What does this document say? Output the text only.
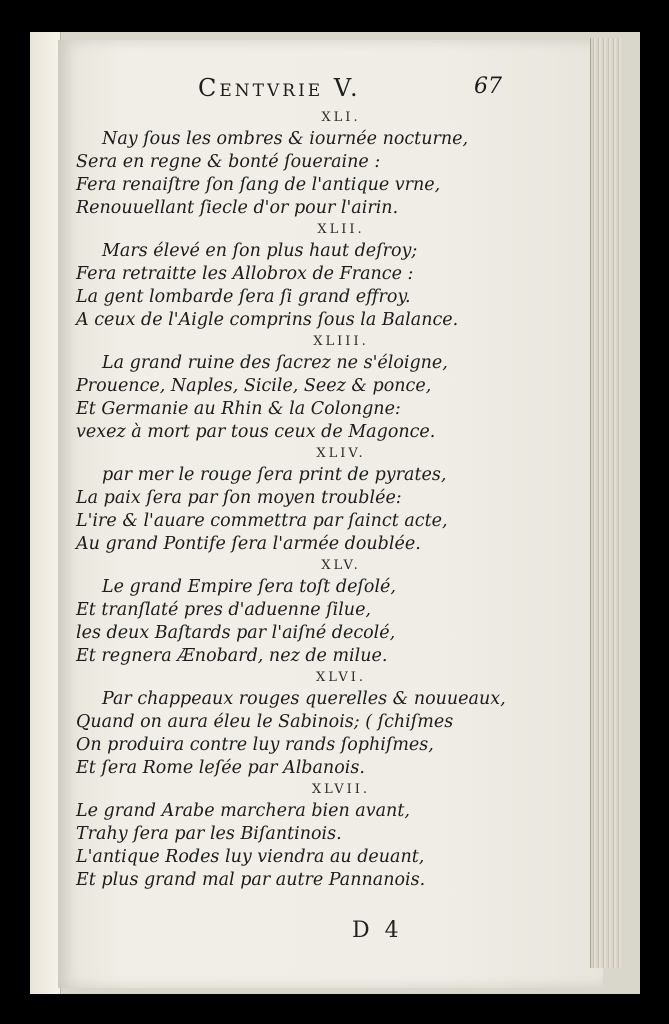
Centvrie V.	67
XLI.
Nay ſous les ombres & iournée nocturne,
Sera en regne & bonté ſoueraine :
Fera renaiſtre ſon ſang de l'antique vrne,
Renouuellant ſiecle d'or pour l'airin.
XLII.
Mars élevé en ſon plus haut deſroy;
Fera retraitte les Allobrox de France :
La gent lombarde ſera ſi grand effroy.
A ceux de l'Aigle comprins ſous la Balance.
XLIII.
La grand ruine des ſacrez ne s'éloigne,
Prouence, Naples, Sicile, Seez & ponce,
Et Germanie au Rhin & la Colongne:
vexez à mort par tous ceux de Magonce.
XLIV.
par mer le rouge ſera print de pyrates,
La paix ſera par ſon moyen troublée:
L'ire & l'auare commettra par ſainct acte,
Au grand Pontife ſera l'armée doublée.
XLV.
Le grand Empire ſera toſt deſolé,
Et tranſlaté pres d'aduenne ſilue,
les deux Baſtards par l'aiſné decolé,
Et regnera Ænobard, nez de milue.
XLVI.
Par chappeaux rouges querelles & nouueaux,
Quand on aura éleu le Sabinois; ( ſchiſmes
On produira contre luy rands ſophiſmes,
Et ſera Rome leſée par Albanois.
XLVII.
Le grand Arabe marchera bien avant,
Trahy ſera par les Biſantinois.
L'antique Rodes luy viendra au deuant,
Et plus grand mal par autre Pannanois.
D 4
